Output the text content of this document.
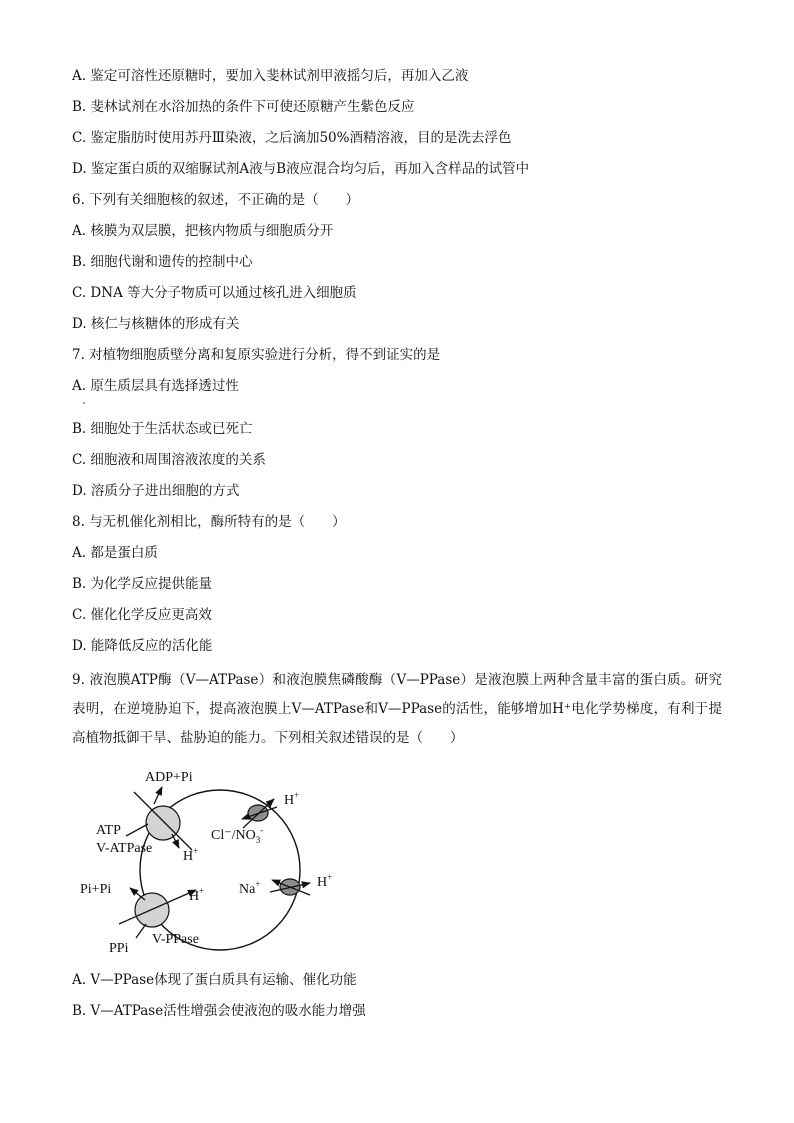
A. 鉴定可溶性还原糖时，要加入斐林试剂甲液摇匀后，再加入乙液
B. 斐林试剂在水浴加热的条件下可使还原糖产生紫色反应
C. 鉴定脂肪时使用苏丹Ⅲ染液，之后滴加50%酒精溶液，目的是洗去浮色
D. 鉴定蛋白质的双缩脲试剂A液与B液应混合均匀后，再加入含样品的试管中
6. 下列有关细胞核的叙述，不正确的是（　　）
A. 核膜为双层膜，把核内物质与细胞质分开
B. 细胞代谢和遗传的控制中心
C. DNA 等大分子物质可以通过核孔进入细胞质
D. 核仁与核糖体的形成有关
7. 对植物细胞质壁分离和复原实验进行分析，得不到证实的是
A. 原生质层具有选择透过性
B. 细胞处于生活状态或已死亡
C. 细胞液和周围溶液浓度的关系
D. 溶质分子进出细胞的方式
8. 与无机催化剂相比，酶所特有的是（　　）
A. 都是蛋白质
B. 为化学反应提供能量
C. 催化化学反应更高效
D. 能降低反应的活化能
9. 液泡膜ATP酶（V—ATPase）和液泡膜焦磷酸酶（V—PPase）是液泡膜上两种含量丰富的蛋白质。研究表明，在逆境胁迫下，提高液泡膜上V—ATPase和V—PPase的活性，能够增加H⁺电化学势梯度，有利于提高植物抵御干旱、盐胁迫的能力。下列相关叙述错误的是（　　）
ADP+Pi
ATP
V-ATPase
H+
$Cl^-/NO_3^-$
H+
Na+	H+
Pi+Pi	H+
PPi
V-PPase
A. V—PPase体现了蛋白质具有运输、催化功能
B. V—ATPase活性增强会使液泡的吸水能力增强
